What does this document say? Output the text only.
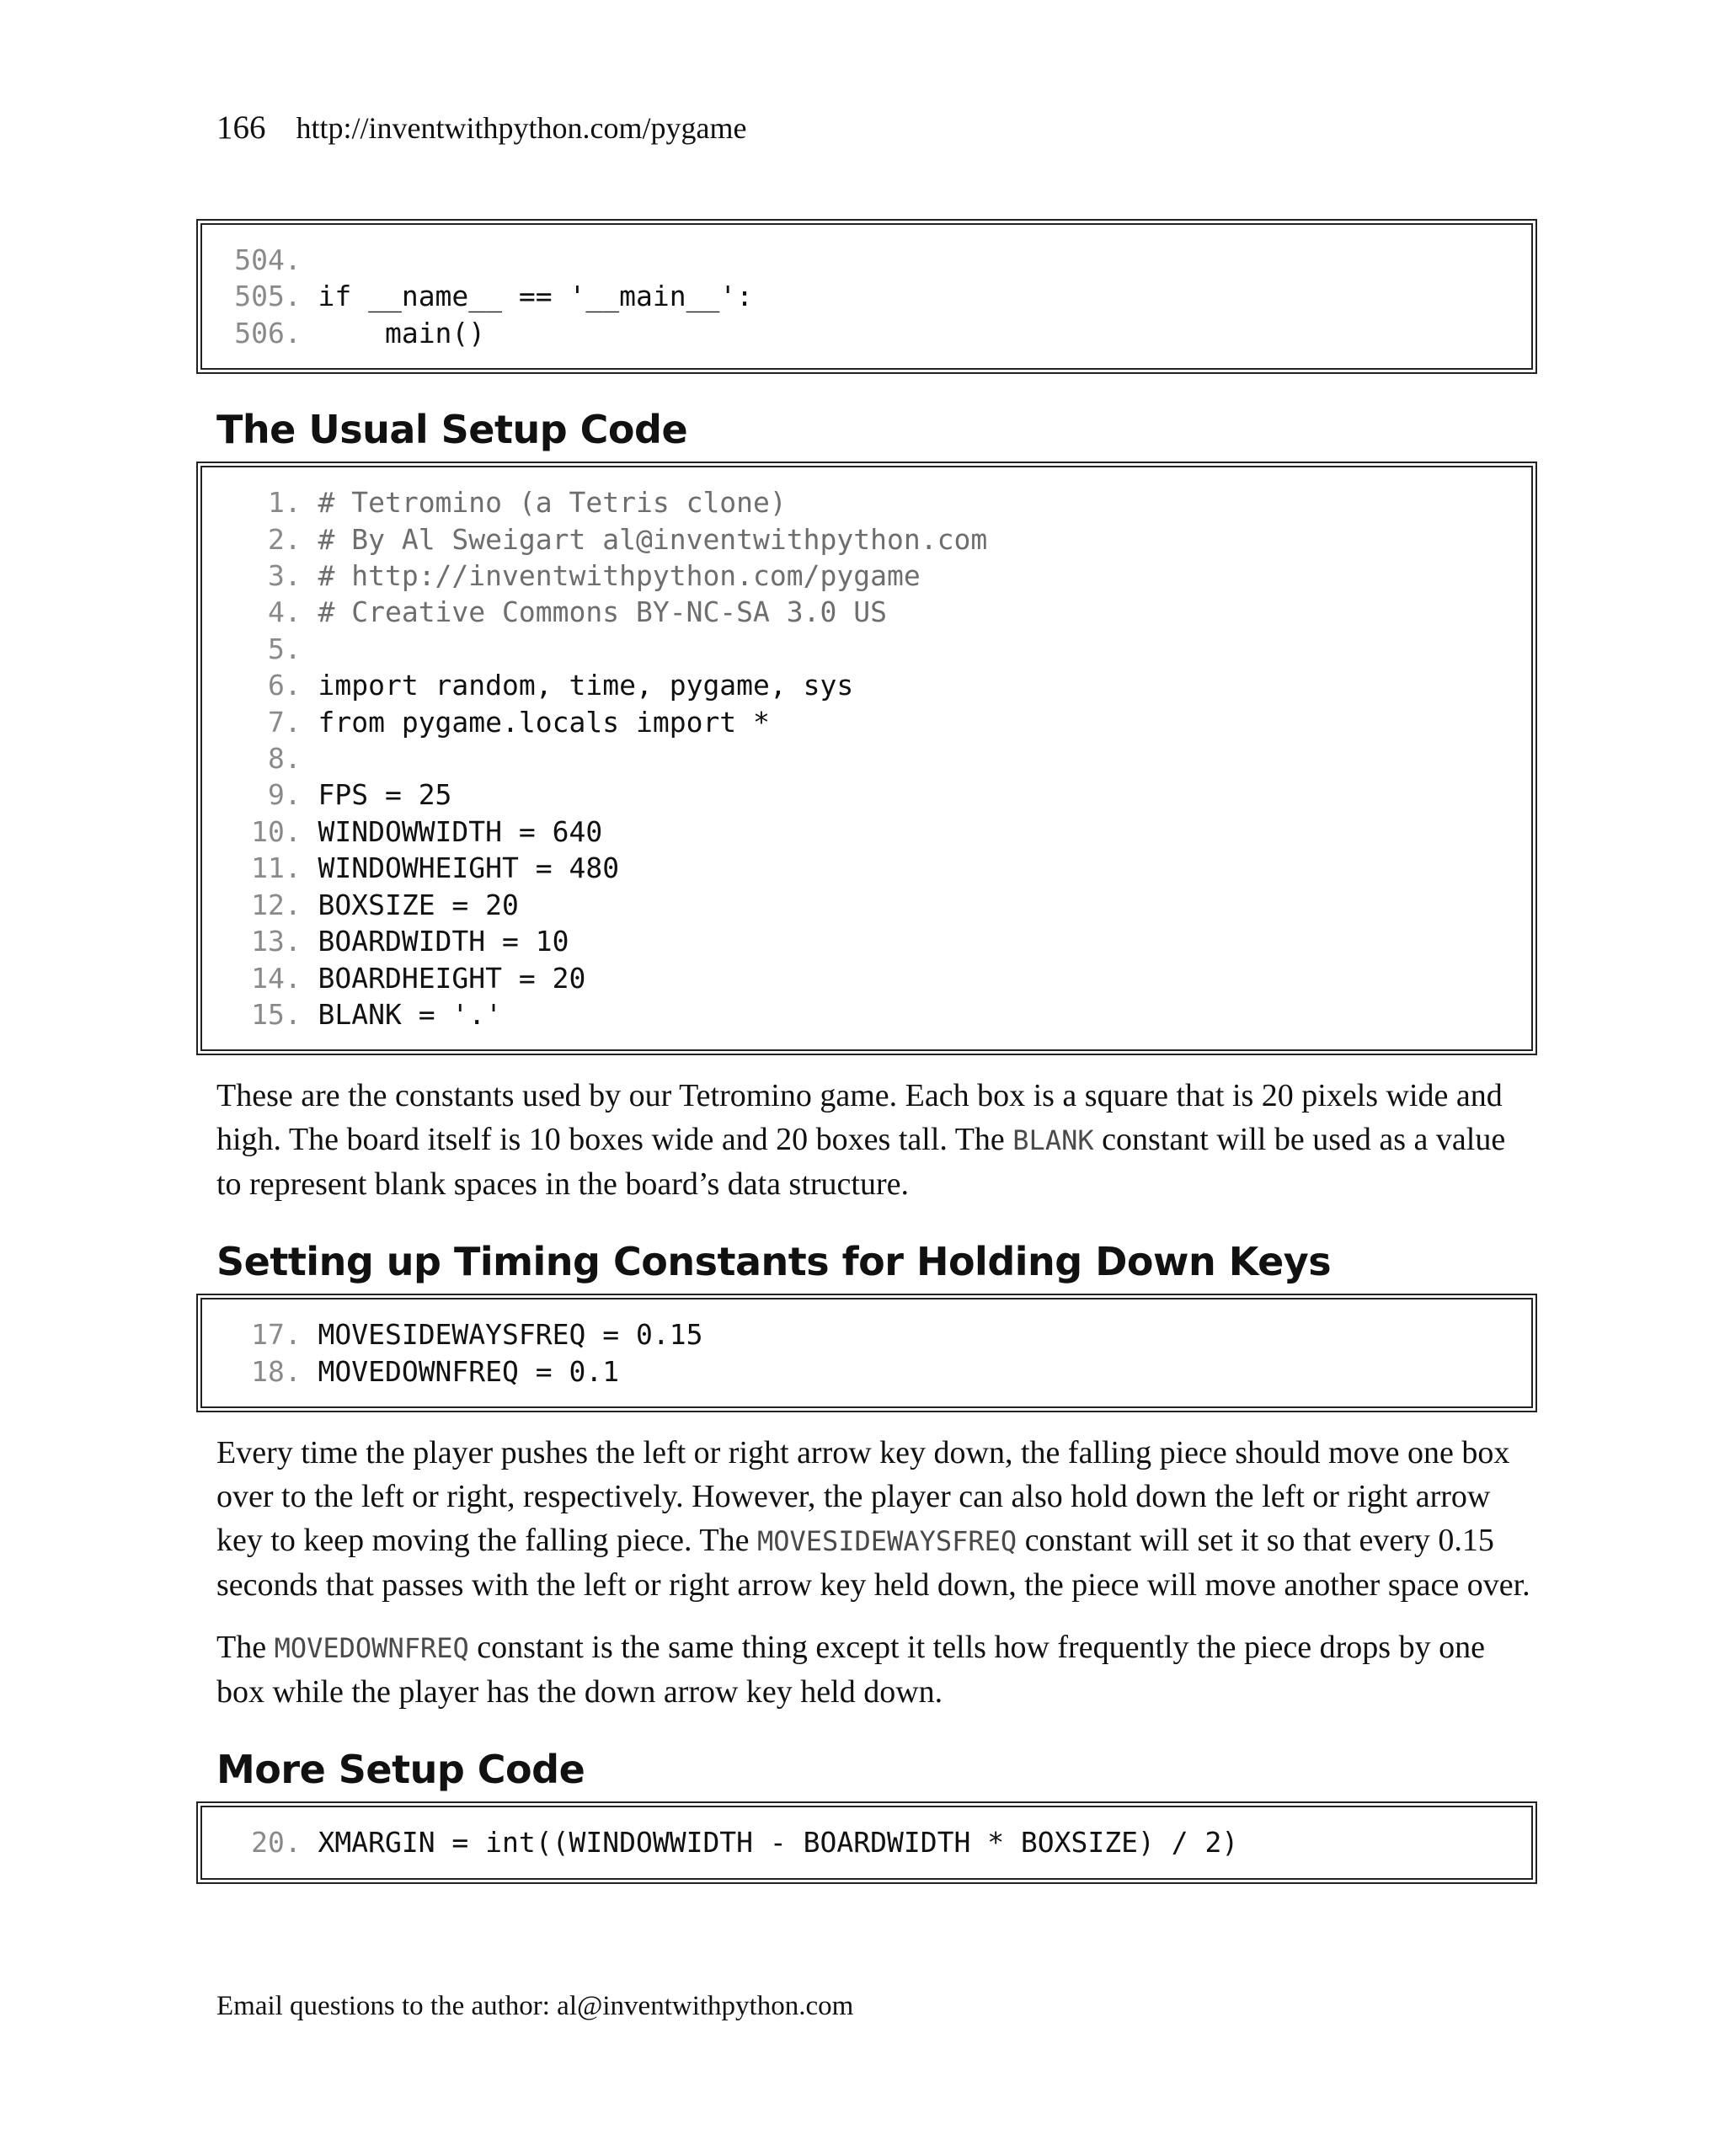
166 http://inventwithpython.com/pygame
504.
505. if __name__ == '__main__':
506.    main()
The Usual Setup Code
1. # Tetromino (a Tetris clone)
2. # By Al Sweigart al@inventwithpython.com
3. # http://inventwithpython.com/pygame
4. # Creative Commons BY-NC-SA 3.0 US
5.
6. import random, time, pygame, sys
7. from pygame.locals import *
8.
9. FPS = 25
10. WINDOWWIDTH = 640
11. WINDOWHEIGHT = 480
12. BOXSIZE = 20
13. BOARDWIDTH = 10
14. BOARDHEIGHT = 20
15. BLANK = '.'

These are the constants used by our Tetromino game. Each box is a square that is 20 pixels wide and high. The board itself is 10 boxes wide and 20 boxes tall. The BLANK constant will be used as a value to represent blank spaces in the board’s data structure.

Setting up Timing Constants for Holding Down Keys
17. MOVESIDEWAYSFREQ = 0.15
18. MOVEDOWNFREQ = 0.1

Every time the player pushes the left or right arrow key down, the falling piece should move one box over to the left or right, respectively. However, the player can also hold down the left or right arrow key to keep moving the falling piece. The MOVESIDEWAYSFREQ constant will set it so that every 0.15 seconds that passes with the left or right arrow key held down, the piece will move another space over.

The MOVEDOWNFREQ constant is the same thing except it tells how frequently the piece drops by one box while the player has the down arrow key held down.

More Setup Code
20. XMARGIN = int((WINDOWWIDTH - BOARDWIDTH * BOXSIZE) / 2)
Email questions to the author: al@inventwithpython.com
